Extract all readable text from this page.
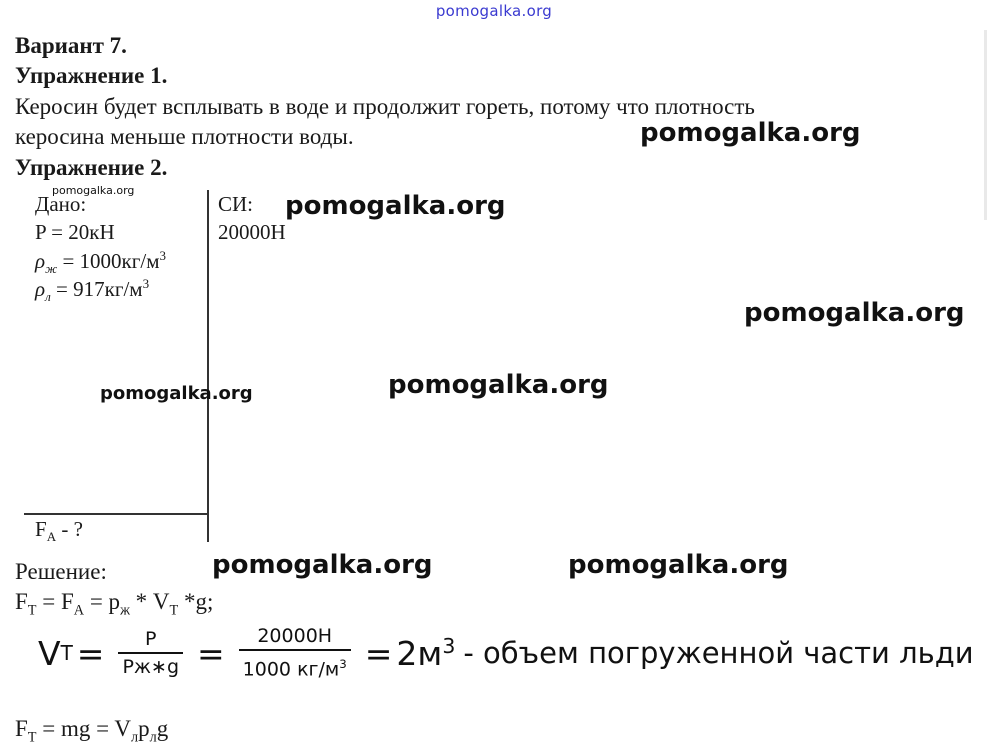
pomogalka.org
Вариант 7.
Упражнение 1.
Керосин будет всплывать в воде и продолжит гореть, потому что плотность
керосина меньше плотности воды.	pomogalka.org
Упражнение 2.
Дано:
pomogalka.org
СИ: pomogalka.org
P = 20кН	20000Н
$\rho_ж = 1000кг/м^3$
$\rho_л = 917кг/м^3$
pomogalka.org
pomogalka.org	pomogalka.org
$F_A$ - ?
Решение:	pomogalka.org	pomogalka.org
$F_T = F_A = p_ж * V_T$ *g;
V $T = \frac{P}{Pж∗g} = \frac{20000Н}{1000 кг/м^3} = 2м^3$ - объем погруженной части льди
$F_T$ = mg = $V_лp_лg$
